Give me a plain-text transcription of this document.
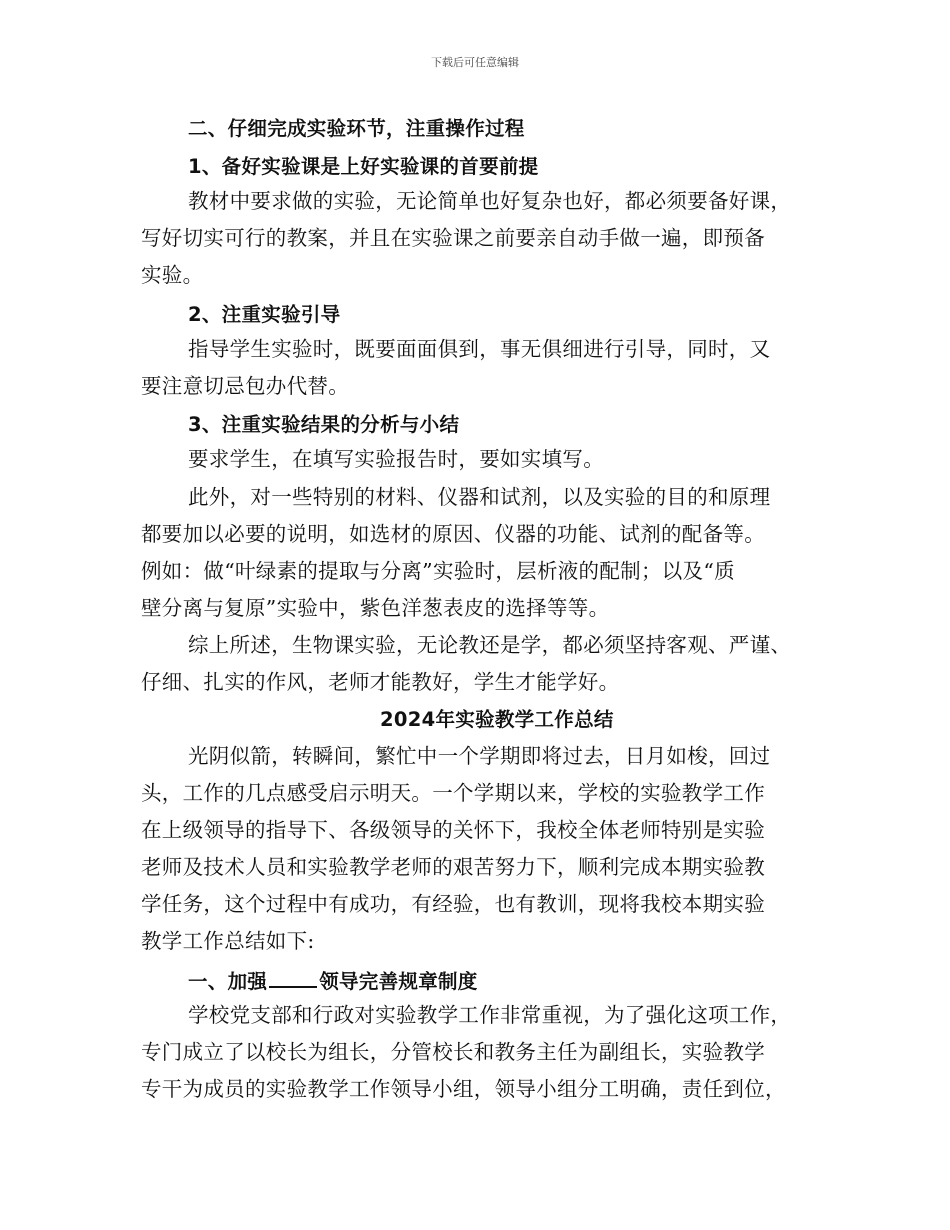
下载后可任意编辑
二、仔细完成实验环节，注重操作过程
1、备好实验课是上好实验课的首要前提
教材中要求做的实验，无论简单也好复杂也好，都必须要备好课，
写好切实可行的教案，并且在实验课之前要亲自动手做一遍，即预备
实验。
2、注重实验引导
指导学生实验时，既要面面俱到，事无俱细进行引导，同时，又
要注意切忌包办代替。
3、注重实验结果的分析与小结
要求学生，在填写实验报告时，要如实填写。
此外，对一些特别的材料、仪器和试剂，以及实验的目的和原理
都要加以必要的说明，如选材的原因、仪器的功能、试剂的配备等。
例如：做“叶绿素的提取与分离”实验时，层析液的配制；以及“质
壁分离与复原”实验中，紫色洋葱表皮的选择等等。
综上所述，生物课实验，无论教还是学，都必须坚持客观、严谨、
仔细、扎实的作风，老师才能教好，学生才能学好。
2024年实验教学工作总结
光阴似箭，转瞬间，繁忙中一个学期即将过去，日月如梭，回过
头，工作的几点感受启示明天。一个学期以来，学校的实验教学工作
在上级领导的指导下、各级领导的关怀下，我校全体老师特别是实验
老师及技术人员和实验教学老师的艰苦努力下，顺利完成本期实验教
学任务，这个过程中有成功，有经验，也有教训，现将我校本期实验
教学工作总结如下:
一、加强	领导完善规章制度
学校党支部和行政对实验教学工作非常重视，为了强化这项工作，
专门成立了以校长为组长，分管校长和教务主任为副组长，实验教学
专干为成员的实验教学工作领导小组，领导小组分工明确，责任到位，
